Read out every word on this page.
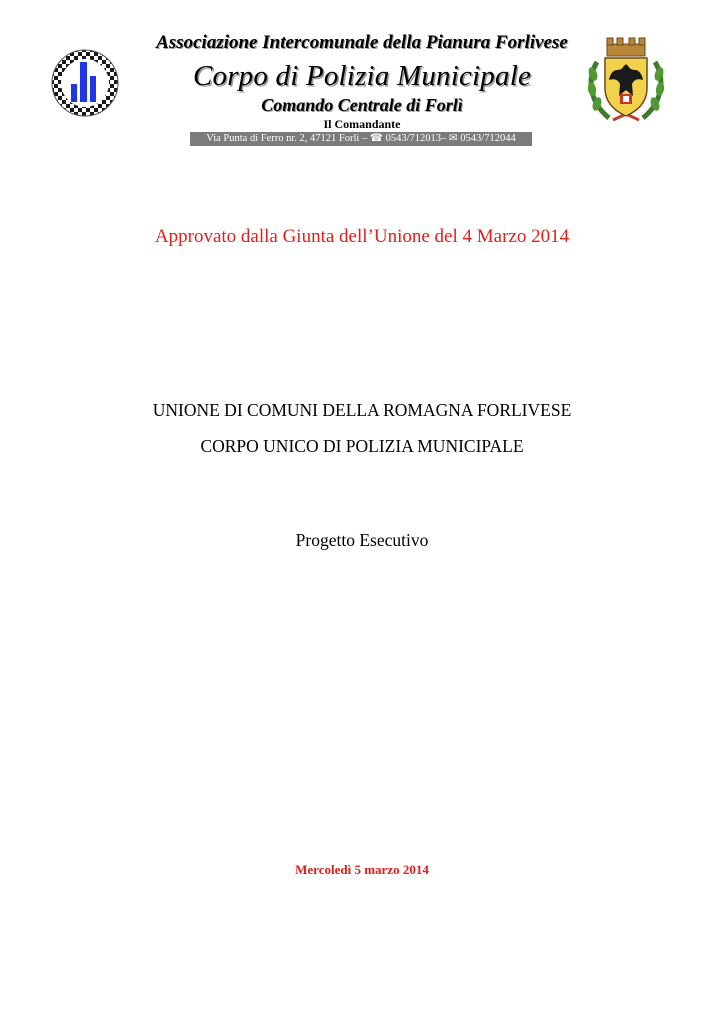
Associazione Intercomunale della Pianura Forlivese
Corpo di Polizia Municipale
Comando Centrale di Forlì
Il Comandante
Via Punta di Ferro nr. 2, 47121 Forlì – ☎ 0543/712013– ✉ 0543/712044
Approvato dalla Giunta dell’Unione del 4 Marzo 2014
UNIONE DI COMUNI DELLA ROMAGNA FORLIVESE
CORPO UNICO DI POLIZIA MUNICIPALE
Progetto Esecutivo
Mercoledì 5 marzo 2014
